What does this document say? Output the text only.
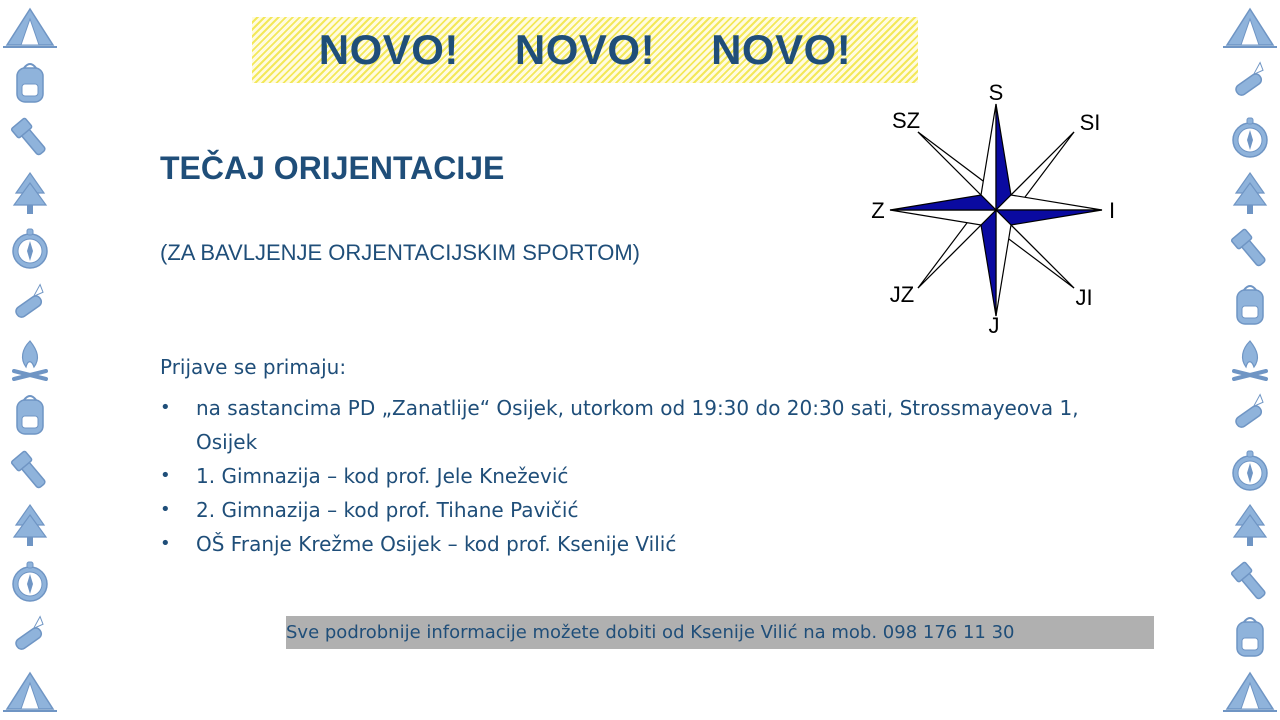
NOVO! NOVO! NOVO!
TEČAJ ORIJENTACIJE

(ZA BAVLJENJE ORJENTACIJSKIM SPORTOM)

Prijave se primaju:

• na sastancima PD „Zanatlije“ Osijek, utorkom od 19:30 do 20:30 sati, Strossmayeova 1, Osijek
• 1. Gimnazija – kod prof. Jele Knežević
• 2. Gimnazija – kod prof. Tihane Pavičić
• OŠ Franje Krežme Osijek – kod prof. Ksenije Vilić
Sve podrobnije informacije možete dobiti od Ksenije Vilić na mob. 098 176 11 30
S
SI
I
JI
J
JZ
Z
SZ
